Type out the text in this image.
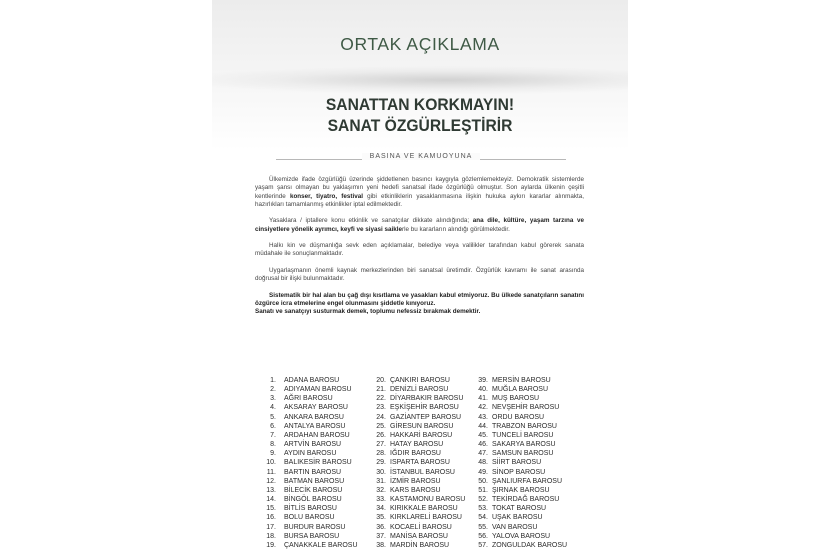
ORTAK AÇIKLAMA
SANATTAN KORKMAYIN!
SANAT ÖZGÜRLEŞTİRİR
BASINA VE KAMUOYUNA

Ülkemizde ifade özgürlüğü üzerinde şiddetlenen basıncı kaygıyla gözlemlemekteyiz. Demokratik sistemlerde yaşam şansı olmayan bu yaklaşımın yeni hedefi sanatsal ifade özgürlüğü olmuştur. Son aylarda ülkenin çeşitli kentlerinde konser, tiyatro, festival gibi etkinliklerin yasaklanmasına ilişkin hukuka aykırı kararlar alınmakta, hazırlıkları tamamlanmış etkinlikler iptal edilmektedir.

Yasaklara / iptallere konu etkinlik ve sanatçılar dikkate alındığında; ana dile, kültüre, yaşam tarzına ve cinsiyetlere yönelik ayrımcı, keyfi ve siyasi saiklerle bu kararların alındığı görülmektedir.

Halkı kin ve düşmanlığa sevk eden açıklamalar, belediye veya valilikler tarafından kabul görerek sanata müdahale ile sonuçlanmaktadır.

Uygarlaşmanın önemli kaynak merkezlerinden biri sanatsal üretimdir. Özgürlük kavramı ile sanat arasında doğrusal bir ilişki bulunmaktadır.

Sistematik bir hal alan bu çağ dışı kısıtlama ve yasakları kabul etmiyoruz. Bu ülkede sanatçıların sanatını özgürce icra etmelerine engel olunmasını şiddetle kınıyoruz.
Sanatı ve sanatçıyı susturmak demek, toplumu nefessiz bırakmak demektir.

1. ADANA BAROSU
2. ADIYAMAN BAROSU
3. AĞRI BAROSU
4. AKSARAY BAROSU
5. ANKARA BAROSU
6. ANTALYA BAROSU
7. ARDAHAN BAROSU
8. ARTVİN BAROSU
9. AYDIN BAROSU
10. BALIKESİR BAROSU
11. BARTIN BAROSU
12. BATMAN BAROSU
13. BİLECİK BAROSU
14. BİNGÖL BAROSU
15. BİTLİS BAROSU
16. BOLU BAROSU
17. BURDUR BAROSU
18. BURSA BAROSU
19. ÇANAKKALE BAROSU
20. ÇANKIRI BAROSU
21. DENİZLİ BAROSU
22. DİYARBAKIR BAROSU
23. EŞKİŞEHİR BAROSU
24. GAZİANTEP BAROSU
25. GİRESUN BAROSU
26. HAKKARİ BAROSU
27. HATAY BAROSU
28. IĞDIR BAROSU
29. ISPARTA BAROSU
30. İSTANBUL BAROSU
31. İZMİR BAROSU
32. KARS BAROSU
33. KASTAMONU BAROSU
34. KIRIKKALE BAROSU
35. KIRKLARELİ BAROSU
36. KOCAELİ BAROSU
37. MANİSA BAROSU
38. MARDİN BAROSU
39. MERSİN BAROSU
40. MUĞLA BAROSU
41. MUŞ BAROSU
42. NEVŞEHİR BAROSU
43. ORDU BAROSU
44. TRABZON BAROSU
45. TUNCELİ BAROSU
46. SAKARYA BAROSU
47. SAMSUN BAROSU
48. SİİRT BAROSU
49. SİNOP BAROSU
50. ŞANLIURFA BAROSU
51. ŞIRNAK BAROSU
52. TEKİRDAĞ BAROSU
53. TOKAT BAROSU
54. UŞAK BAROSU
55. VAN BAROSU
56. YALOVA BAROSU
57. ZONGULDAK BAROSU
